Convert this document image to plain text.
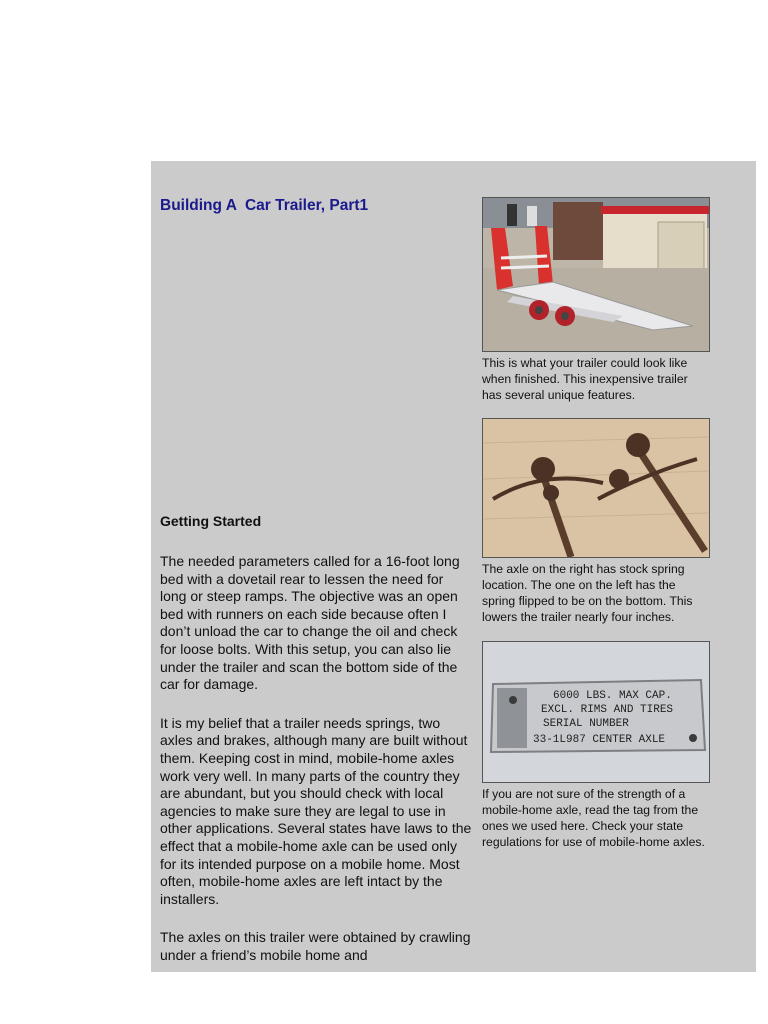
Building A  Car Trailer, Part1
Getting Started

The needed parameters called for a 16-foot long bed with a dovetail rear to lessen the need for long or steep ramps. The objective was an open bed with runners on each side because often I don’t unload the car to change the oil and check for loose bolts. With this setup, you can also lie under the trailer and scan the bottom side of the car for damage.

It is my belief that a trailer needs springs, two axles and brakes, although many are built without them. Keeping cost in mind, mobile-home axles work very well. In many parts of the country they are abundant, but you should check with local agencies to make sure they are legal to use in other applications. Several states have laws to the effect that a mobile-home axle can be used only for its intended purpose on a mobile home. Most often, mobile-home axles are left intact by the installers.

The axles on this trailer were obtained by crawling under a friend’s mobile home and

This is what your trailer could look like when finished. This inexpensive trailer has several unique features.

The axle on the right has stock spring location. The one on the left has the spring flipped to be on the bottom. This lowers the trailer nearly four inches.

6000 LBS. MAX CAP.
EXCL. RIMS AND TIRES
SERIAL NUMBER
33-1L987 CENTER AXLE

If you are not sure of the strength of a mobile-home axle, read the tag from the ones we used here. Check your state regulations for use of mobile-home axles.
